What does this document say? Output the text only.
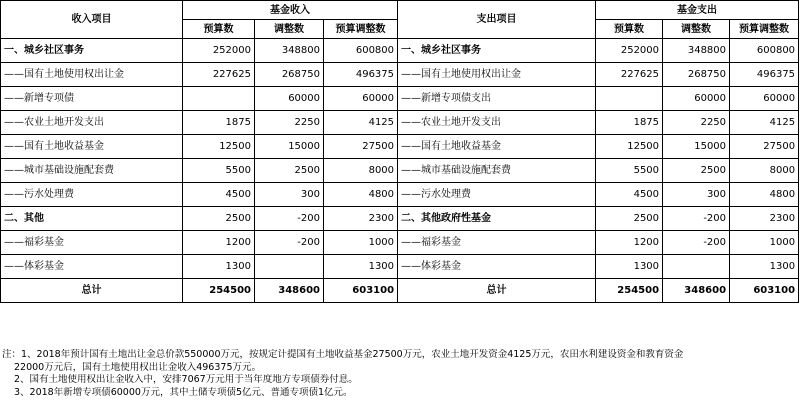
收入项目	基金收入			支出项目	基金支出		
	预算数	调整数	预算调整数		预算数	调整数	预算调整数
一、城乡社区事务	252000	348800	600800	一、城乡社区事务	252000	348800	600800
——国有土地使用权出让金	227625	268750	496375	——国有土地使用权出让金	227625	268750	496375
——新增专项债		60000	60000	——新增专项债支出		60000	60000
——农业土地开发支出	1875	2250	4125	——农业土地开发支出	1875	2250	4125
——国有土地收益基金	12500	15000	27500	——国有土地收益基金	12500	15000	27500
——城市基础设施配套费	5500	2500	8000	——城市基础设施配套费	5500	2500	8000
——污水处理费	4500	300	4800	——污水处理费	4500	300	4800
二、其他	2500	-200	2300	二、其他政府性基金	2500	-200	2300
——福彩基金	1200	-200	1000	——福彩基金	1200	-200	1000
——体彩基金	1300		1300	——体彩基金	1300		1300
总计	254500	348600	603100	总计	254500	348600	603100
注：1、2018年预计国有土地出让金总价款550000万元，按规定计提国有土地收益基金27500万元，农业土地开发资金4125万元，农田水利建设资金和教育资金
22000万元后，国有土地使用权出让金收入496375万元。
2、国有土地使用权出让金收入中，安排7067万元用于当年度地方专项债券付息。
3、2018年新增专项债60000万元，其中土储专项债5亿元、普通专项债1亿元。
